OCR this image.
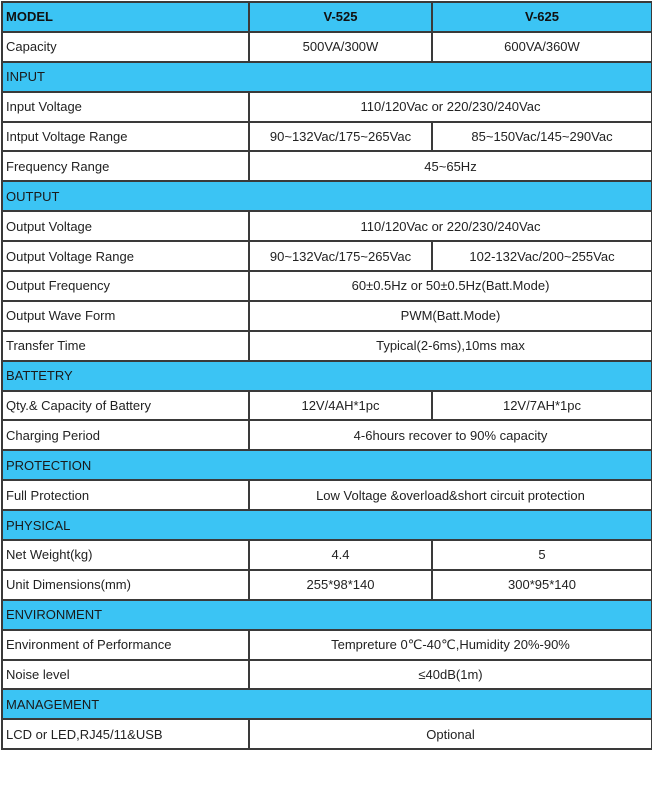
MODEL	V-525	V-625
Capacity	500VA/300W	600VA/360W
INPUT		
Input Voltage	110/120Vac or 220/230/240Vac	
Intput Voltage Range	90~132Vac/175~265Vac	85~150Vac/145~290Vac
Frequency Range	45~65Hz	
OUTPUT		
Output Voltage	110/120Vac or 220/230/240Vac	
Output Voltage Range	90~132Vac/175~265Vac	102-132Vac/200~255Vac
Output Frequency	60±0.5Hz or 50±0.5Hz(Batt.Mode)	
Output Wave Form	PWM(Batt.Mode)	
Transfer Time	Typical(2-6ms),10ms max	
BATTETRY		
Qty.& Capacity of Battery	12V/4AH*1pc	12V/7AH*1pc
Charging Period	4-6hours recover to 90% capacity	
PROTECTION		
Full Protection	Low Voltage &overload&short circuit protection	
PHYSICAL		
Net Weight(kg)	4.4	5
Unit Dimensions(mm)	255*98*140	300*95*140
ENVIRONMENT		
Environment of Performance	Tempreture 0℃-40℃,Humidity 20%-90%	
Noise level	≤40dB(1m)	
MANAGEMENT		
LCD or LED,RJ45/11&USB	Optional	
